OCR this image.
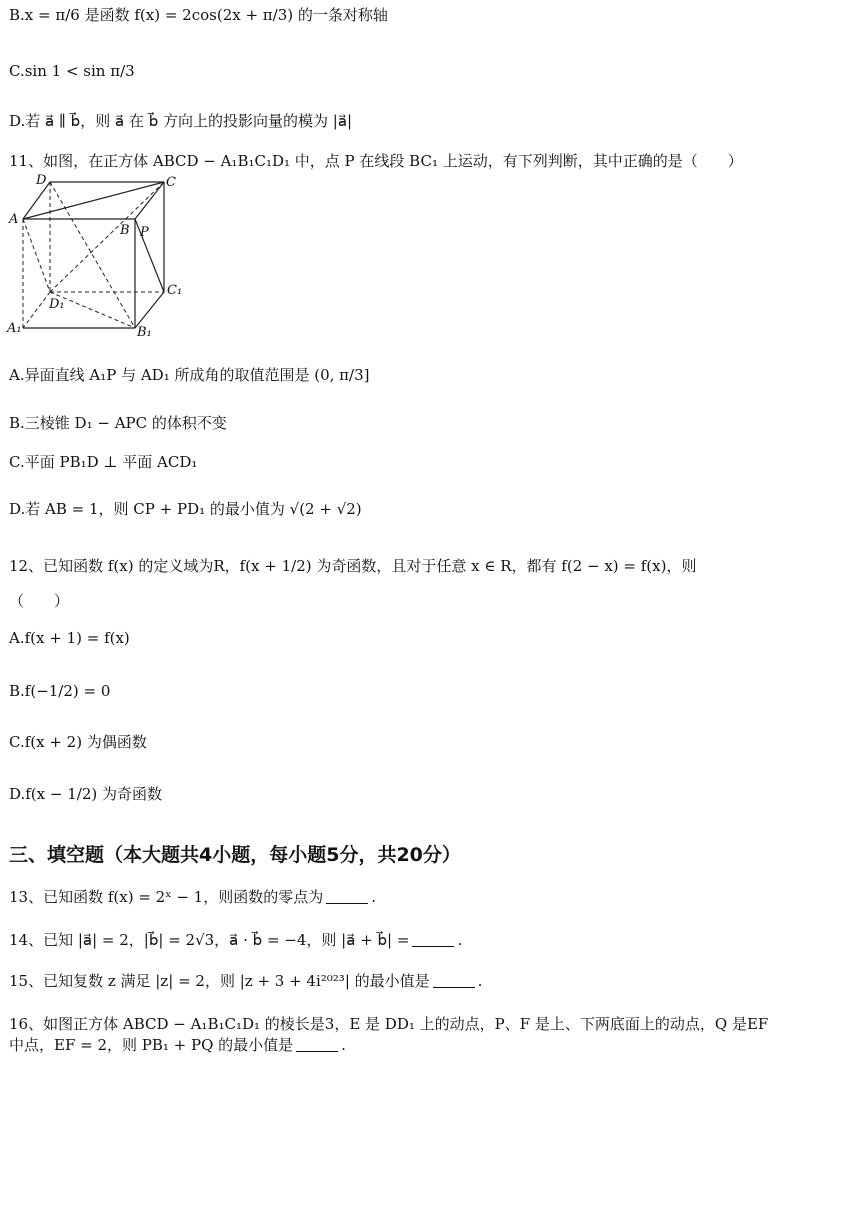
B.x = π/6 是函数 f(x) = 2cos(2x + π/3) 的一条对称轴
C.sin 1 < sin π/3
D.若 a⃗ ∥ b⃗，则 a⃗ 在 b⃗ 方向上的投影向量的模为 |a⃗|
11、如图，在正方体 ABCD − A₁B₁C₁D₁ 中，点 P 在线段 BC₁ 上运动，有下列判断，其中正确的是（　　）
D	C
A
B P
D₁
C₁
A₁	B₁
A.异面直线 A₁P 与 AD₁ 所成角的取值范围是 (0, π/3]
B.三棱锥 D₁ − APC 的体积不变
C.平面 PB₁D ⊥ 平面 ACD₁
D.若 AB = 1，则 CP + PD₁ 的最小值为 √(2 + √2)
12、已知函数 f(x) 的定义域为R，f(x + 1/2) 为奇函数，且对于任意 x ∈ R，都有 f(2 − x) = f(x)，则
（　　）
A.f(x + 1) = f(x)
B.f(−1/2) = 0
C.f(x + 2) 为偶函数
D.f(x − 1/2) 为奇函数
三、填空题（本大题共4小题，每小题5分，共20分）
13、已知函数 f(x) = 2ˣ − 1，则函数的零点为	.
14、已知 |a⃗| = 2，|b⃗| = 2√3，a⃗ · b⃗ = −4，则 |a⃗ + b⃗| =	.
15、已知复数 z 满足 |z| = 2，则 |z + 3 + 4i²⁰²³| 的最小值是	.
16、如图正方体 ABCD − A₁B₁C₁D₁ 的棱长是3，E 是 DD₁ 上的动点，P、F 是上、下两底面上的动点，Q 是EF
中点，EF = 2，则 PB₁ + PQ 的最小值是	.
